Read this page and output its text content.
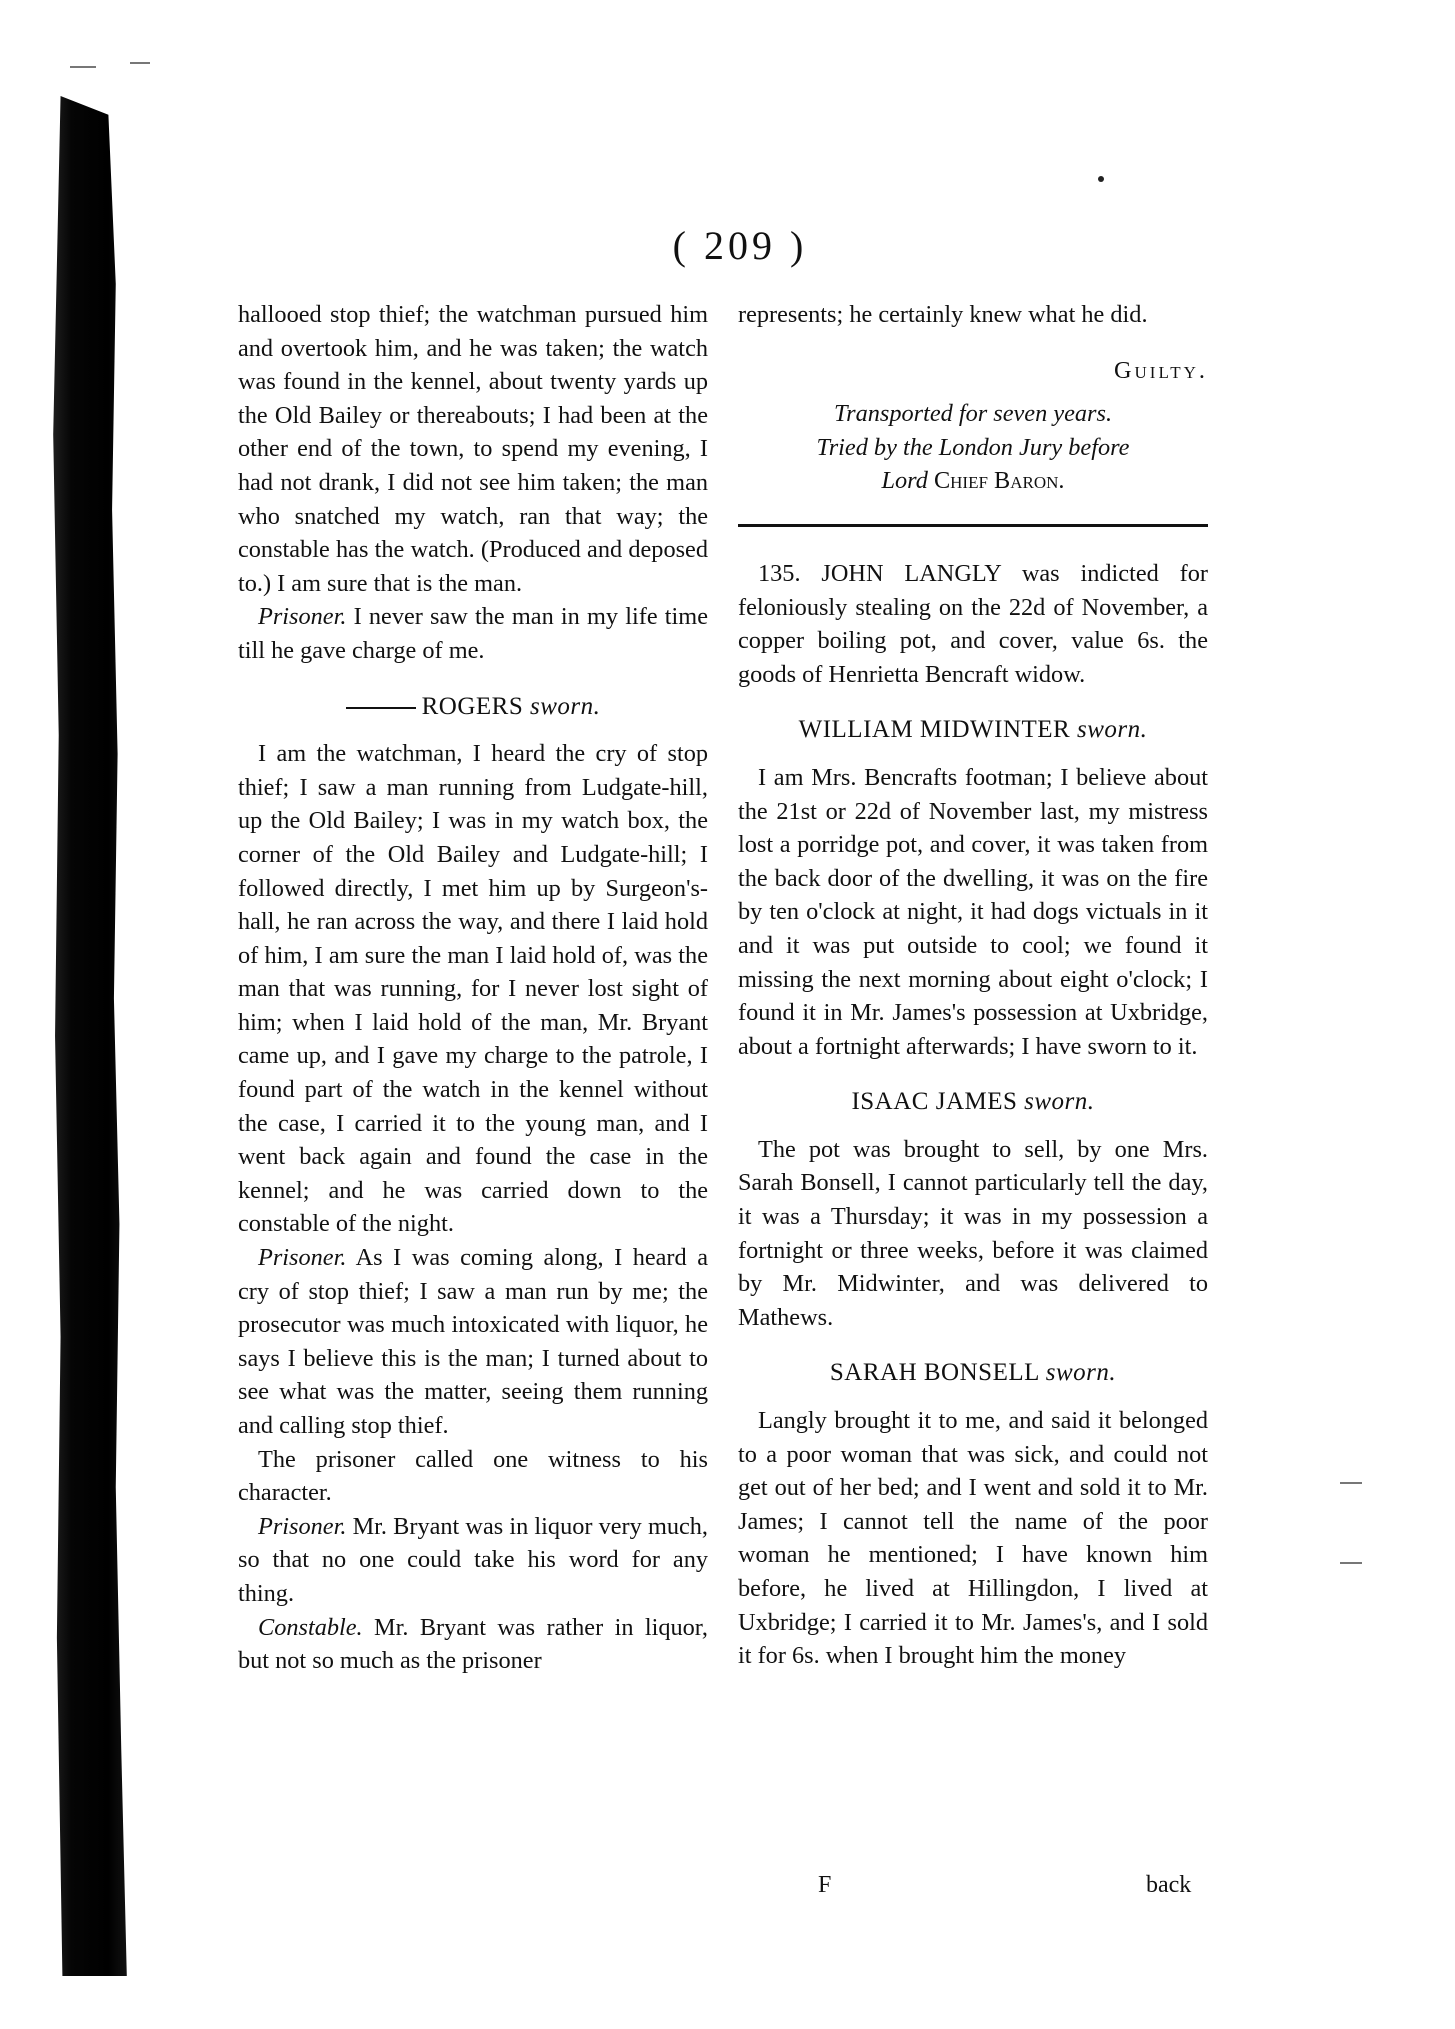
( 209 )

hallooed stop thief; the watchman pursued him and overtook him, and he was taken; the watch was found in the kennel, about twenty yards up the Old Bailey or thereabouts; I had been at the other end of the town, to spend my evening, I had not drank, I did not see him taken; the man who snatched my watch, ran that way; the constable has the watch. (Produced and deposed to.) I am sure that is the man.

Prisoner. I never saw the man in my life time till he gave charge of me.

ROGERS sworn.

I am the watchman, I heard the cry of stop thief; I saw a man running from Ludgate-hill, up the Old Bailey; I was in my watch box, the corner of the Old Bailey and Ludgate-hill; I followed directly, I met him up by Surgeon's-hall, he ran across the way, and there I laid hold of him, I am sure the man I laid hold of, was the man that was running, for I never lost sight of him; when I laid hold of the man, Mr. Bryant came up, and I gave my charge to the patrole, I found part of the watch in the kennel without the case, I carried it to the young man, and I went back again and found the case in the kennel; and he was carried down to the constable of the night.

Prisoner. As I was coming along, I heard a cry of stop thief; I saw a man run by me; the prosecutor was much intoxicated with liquor, he says I believe this is the man; I turned about to see what was the matter, seeing them running and calling stop thief.

The prisoner called one witness to his character.

Prisoner. Mr. Bryant was in liquor very much, so that no one could take his word for any thing.

Constable. Mr. Bryant was rather in liquor, but not so much as the prisoner

represents; he certainly knew what he did.

Guilty.

Transported for seven years.

Tried by the London Jury before

Lord Chief Baron.

135. JOHN LANGLY was indicted for feloniously stealing on the 22d of November, a copper boiling pot, and cover, value 6s. the goods of Henrietta Bencraft widow.

WILLIAM MIDWINTER sworn.

I am Mrs. Bencrafts footman; I believe about the 21st or 22d of November last, my mistress lost a porridge pot, and cover, it was taken from the back door of the dwelling, it was on the fire by ten o'clock at night, it had dogs victuals in it and it was put outside to cool; we found it missing the next morning about eight o'clock; I found it in Mr. James's possession at Uxbridge, about a fortnight afterwards; I have sworn to it.

ISAAC JAMES sworn.

The pot was brought to sell, by one Mrs. Sarah Bonsell, I cannot particularly tell the day, it was a Thursday; it was in my possession a fortnight or three weeks, before it was claimed by Mr. Midwinter, and was delivered to Mathews.

SARAH BONSELL sworn.

Langly brought it to me, and said it belonged to a poor woman that was sick, and could not get out of her bed; and I went and sold it to Mr. James; I cannot tell the name of the poor woman he mentioned; I have known him before, he lived at Hillingdon, I lived at Uxbridge; I carried it to Mr. James's, and I sold it for 6s. when I brought him the money

F	back
